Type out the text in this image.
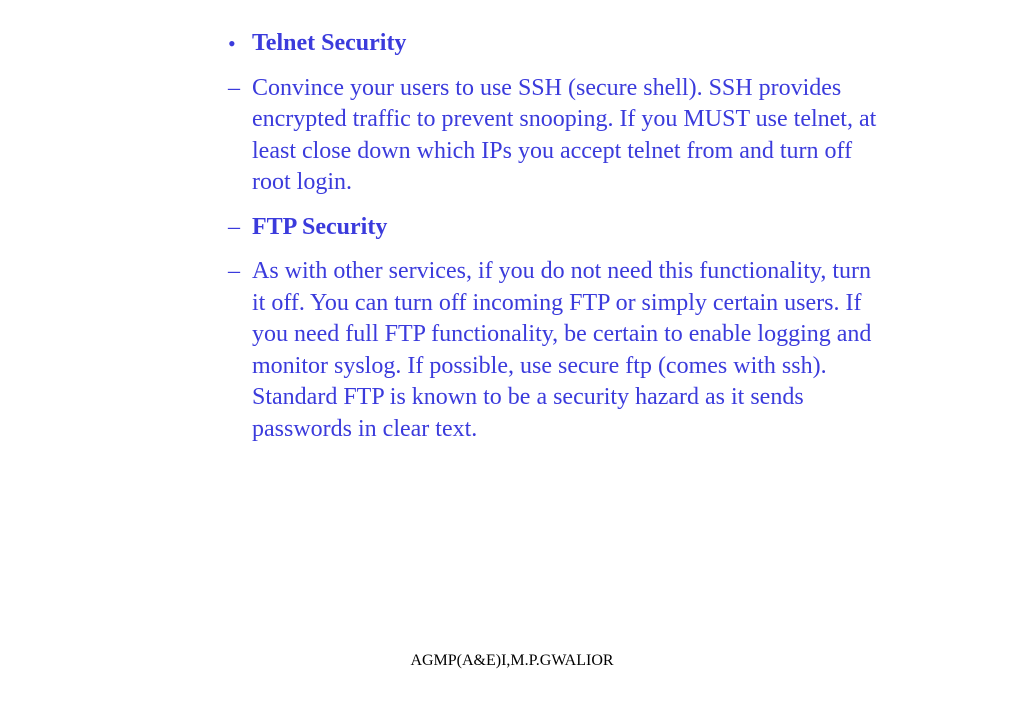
• Telnet Security
– Convince your users to use SSH (secure shell). SSH provides
encrypted traffic to prevent snooping. If you MUST use telnet, at
least close down which IPs you accept telnet from and turn off
root login.
– FTP Security
– As with other services, if you do not need this functionality, turn
it off. You can turn off incoming FTP or simply certain users. If
you need full FTP functionality, be certain to enable logging and
monitor syslog. If possible, use secure ftp (comes with ssh).
Standard FTP is known to be a security hazard as it sends
passwords in clear text.
AGMP(A&E)I,M.P.GWALIOR
